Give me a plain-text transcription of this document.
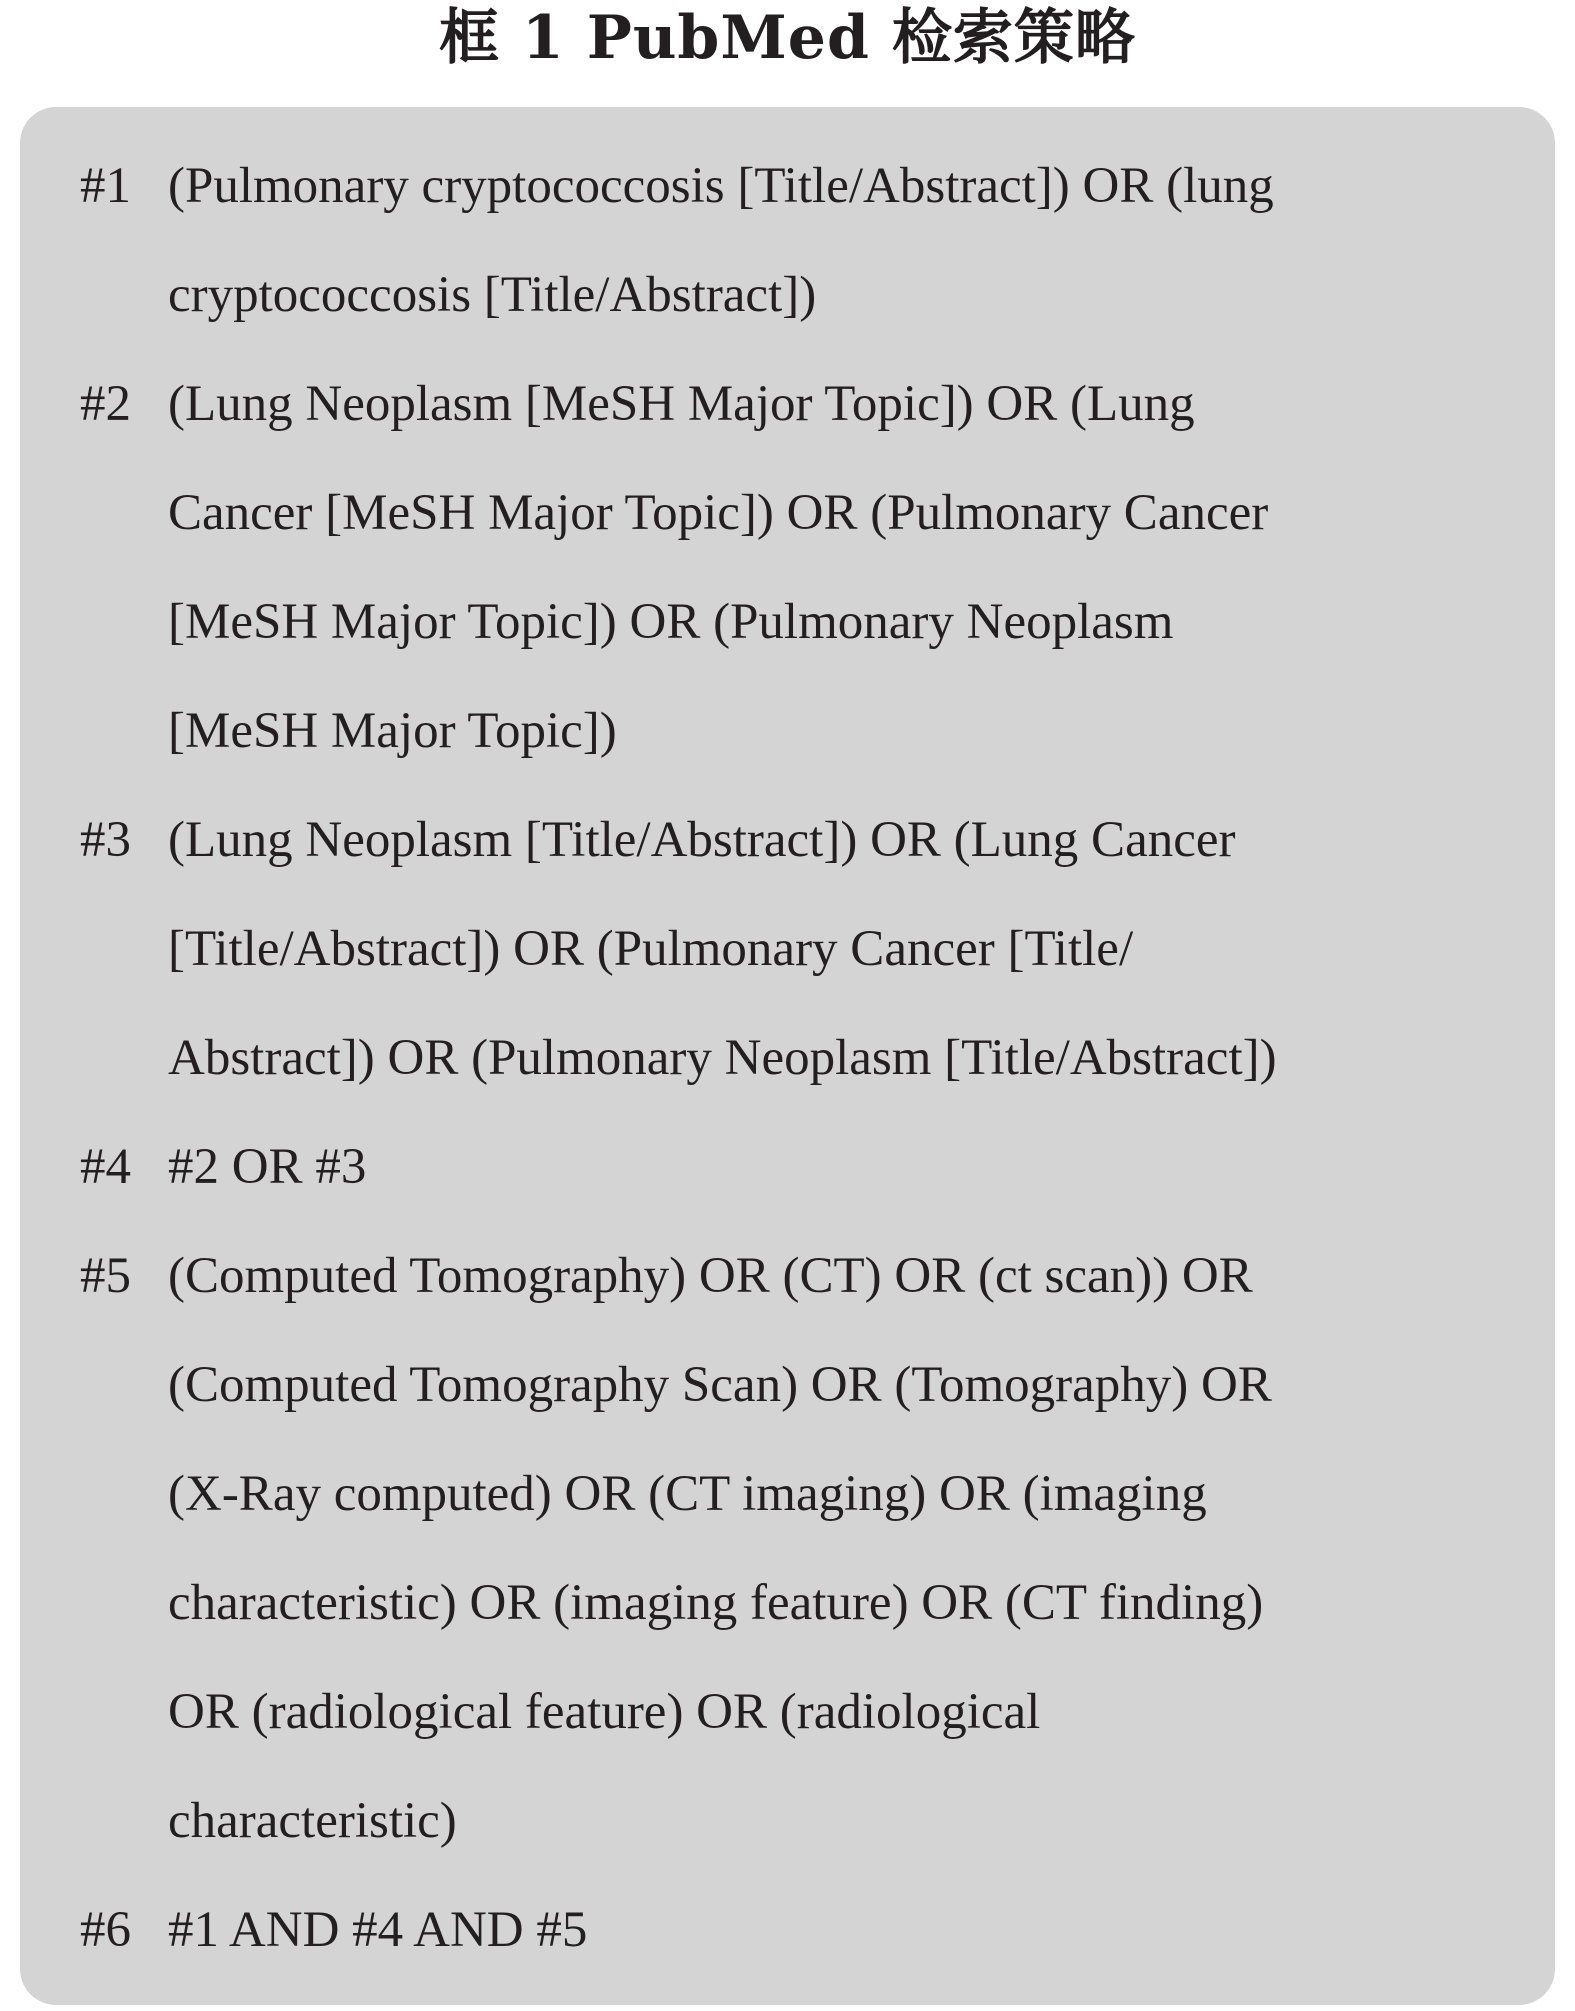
框 1 PubMed 检索策略
#1 (Pulmonary cryptococcosis [Title/Abstract]) OR (lung
cryptococcosis [Title/Abstract])
#2 (Lung Neoplasm [MeSH Major Topic]) OR (Lung
Cancer [MeSH Major Topic]) OR (Pulmonary Cancer
[MeSH Major Topic]) OR (Pulmonary Neoplasm
[MeSH Major Topic])
#3 (Lung Neoplasm [Title/Abstract]) OR (Lung Cancer
[Title/Abstract]) OR (Pulmonary Cancer [Title/
Abstract]) OR (Pulmonary Neoplasm [Title/Abstract])
#4 #2 OR #3
#5 (Computed Tomography) OR (CT) OR (ct scan)) OR
(Computed Tomography Scan) OR (Tomography) OR
(X-Ray computed) OR (CT imaging) OR (imaging
characteristic) OR (imaging feature) OR (CT finding)
OR (radiological feature) OR (radiological
characteristic)
#6 #1 AND #4 AND #5
